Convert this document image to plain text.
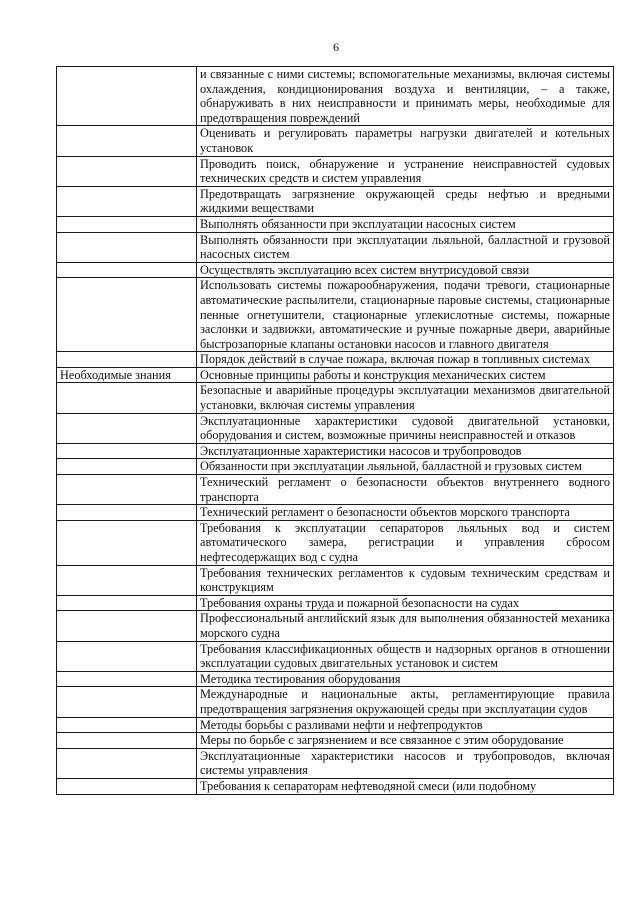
6
	и связанные с ними системы; вспомогательные механизмы, включая системы охлаждения, кондиционирования воздуха и вентиляции, – а также, обнаруживать в них неисправности и принимать меры, необходимые для предотвращения повреждений
	Оценивать и регулировать параметры нагрузки двигателей и котельных установок
	Проводить поиск, обнаружение и устранение неисправностей судовых технических средств и систем управления
	Предотвращать загрязнение окружающей среды нефтью и вредными жидкими веществами
	Выполнять обязанности при эксплуатации насосных систем
	Выполнять обязанности при эксплуатации льяльной, балластной и грузовой насосных систем
	Осуществлять эксплуатацию всех систем внутрисудовой связи
	Использовать системы пожарообнаружения, подачи тревоги, стационарные автоматические распылители, стационарные паровые системы, стационарные пенные огнетушители, стационарные углекислотные системы, пожарные заслонки и задвижки, автоматические и ручные пожарные двери, аварийные быстрозапорные клапаны остановки насосов и главного двигателя
	Порядок действий в случае пожара, включая пожар в топливных системах

Необходимые знания	Основные принципы работы и конструкция механических систем
	Безопасные и аварийные процедуры эксплуатации механизмов двигательной установки, включая системы управления
	Эксплуатационные характеристики судовой двигательной установки, оборудования и систем, возможные причины неисправностей и отказов
	Эксплуатационные характеристики насосов и трубопроводов
	Обязанности при эксплуатации льяльной, балластной и грузовых систем
	Технический регламент о безопасности объектов внутреннего водного транспорта
	Технический регламент о безопасности объектов морского транспорта
	Требования к эксплуатации сепараторов льяльных вод и систем автоматического замера, регистрации и управления сбросом нефтесодержащих вод с судна
	Требования технических регламентов к судовым техническим средствам и конструкциям
	Требования охраны труда и пожарной безопасности на судах
	Профессиональный английский язык для выполнения обязанностей механика морского судна
	Требования классификационных обществ и надзорных органов в отношении эксплуатации судовых двигательных установок и систем
	Методика тестирования оборудования
	Международные и национальные акты, регламентирующие правила предотвращения загрязнения окружающей среды при эксплуатации судов
	Методы борьбы с разливами нефти и нефтепродуктов
	Меры по борьбе с загрязнением и все связанное с этим оборудование
	Эксплуатационные характеристики насосов и трубопроводов, включая системы управления
	Требования к сепараторам нефтеводяной смеси (или подобному
